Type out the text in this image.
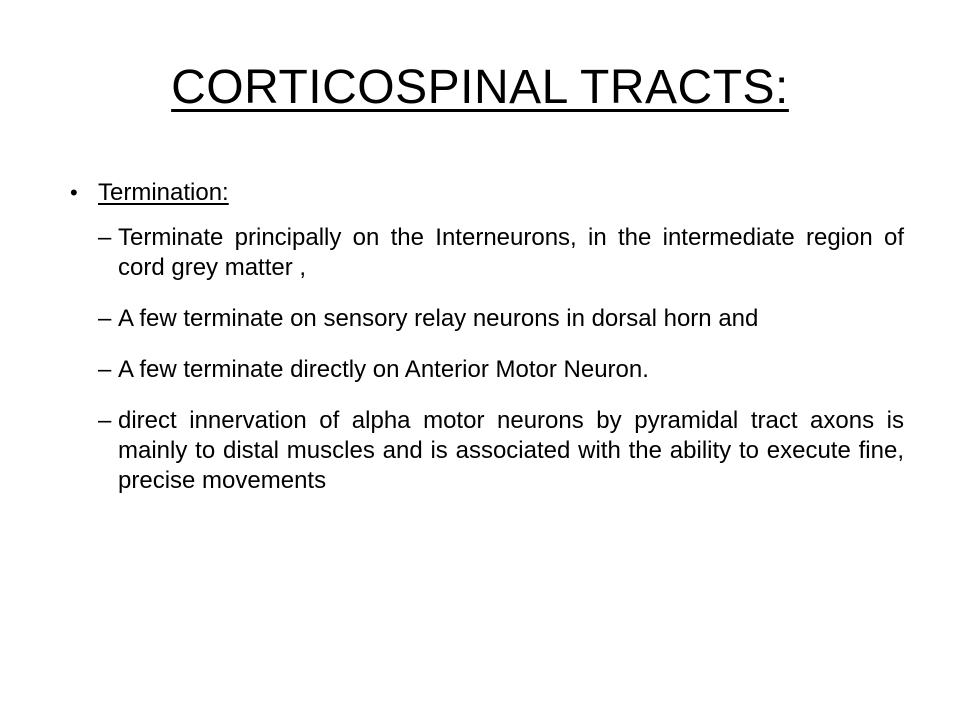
CORTICOSPINAL TRACTS:
• Termination:
– Terminate principally on the Interneurons, in the intermediate region of cord grey matter ,
– A few terminate on sensory relay neurons in dorsal horn and
– A few terminate directly on Anterior Motor Neuron.
– direct innervation of alpha motor neurons by pyramidal tract axons is mainly to distal muscles and is associated with the ability to execute fine, precise movements
